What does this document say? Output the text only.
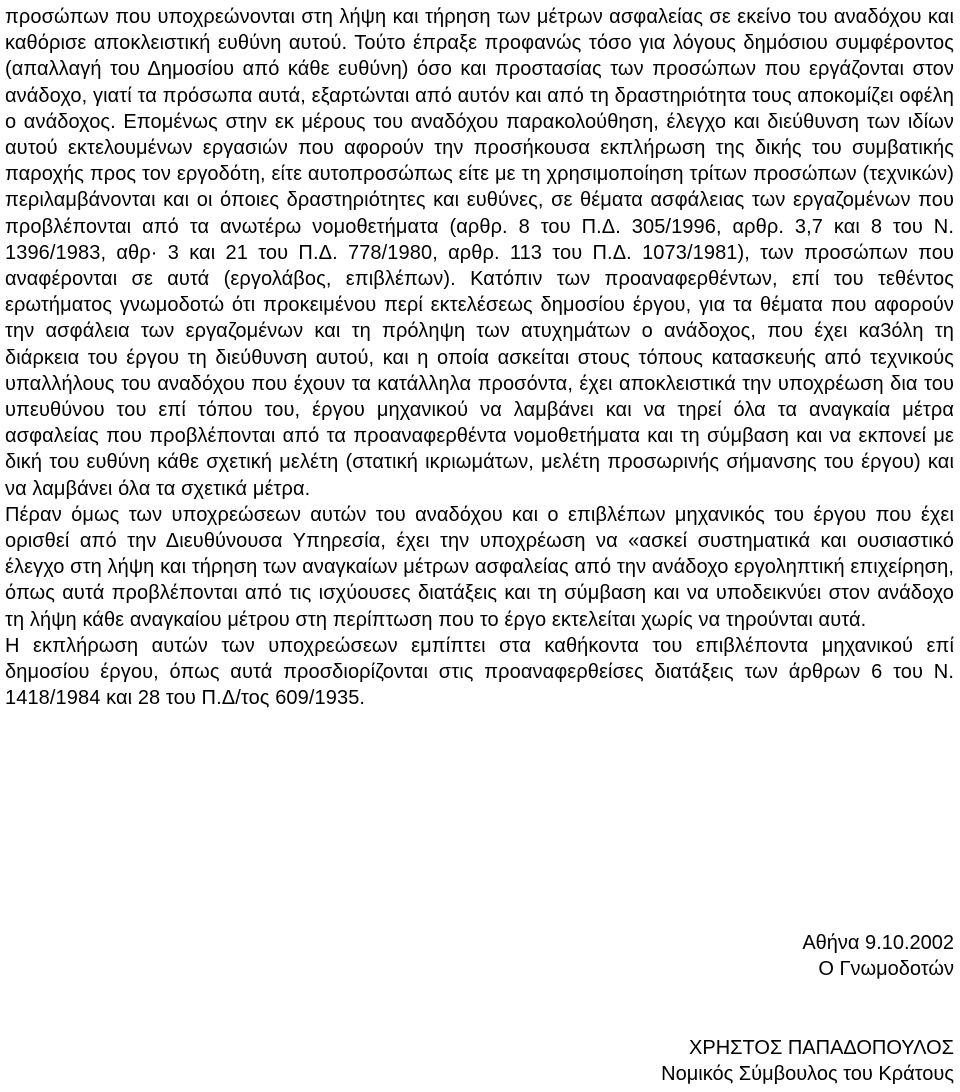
προσώπων που υποχρεώνονται στη λήψη και τήρηση των μέτρων ασφαλείας σε εκείνο του αναδόχου και καθόρισε αποκλειστική ευθύνη αυτού. Τούτο έπραξε προφανώς τόσο για λόγους δημόσιου συμφέροντος (απαλλαγή του Δημοσίου από κάθε ευθύνη) όσο και προστασίας των προσώπων που εργάζονται στον ανάδοχο, γιατί τα πρόσωπα αυτά, εξαρτώνται από αυτόν και από τη δραστηριότητα τους αποκομίζει οφέλη ο ανάδοχος. Επομένως στην εκ μέρους του αναδόχου παρακολούθηση, έλεγχο και διεύθυνση των ιδίων αυτού εκτελουμένων εργασιών που αφορούν την προσήκουσα εκπλήρωση της δικής του συμβατικής παροχής προς τον εργοδότη, είτε αυτοπροσώπως είτε με τη χρησιμοποίηση τρίτων προσώπων (τεχνικών) περιλαμβάνονται και οι όποιες δραστηριότητες και ευθύνες, σε θέματα ασφάλειας των εργαζομένων που προβλέπονται από τα ανωτέρω νομοθετήματα (αρθρ. 8 του Π.Δ. 305/1996, αρθρ. 3,7 και 8 του Ν. 1396/1983, αθρ· 3 και 21 του Π.Δ. 778/1980, αρθρ. 113 του Π.Δ. 1073/1981), των προσώπων που αναφέρονται σε αυτά (εργολάβος, επιβλέπων). Κατόπιν των προαναφερθέντων, επί του τεθέντος ερωτήματος γνωμοδοτώ ότι προκειμένου περί εκτελέσεως δημοσίου έργου, για τα θέματα που αφορούν την ασφάλεια των εργαζομένων και τη πρόληψη των ατυχημάτων ο ανάδοχος, που έχει κα3όλη τη διάρκεια του έργου τη διεύθυνση αυτού, και η οποία ασκείται στους τόπους κατασκευής από τεχνικούς υπαλλήλους του αναδόχου που έχουν τα κατάλληλα προσόντα, έχει αποκλειστικά την υποχρέωση δια του υπευθύνου του επί τόπου του, έργου μηχανικού να λαμβάνει και να τηρεί όλα τα αναγκαία μέτρα ασφαλείας που προβλέπονται από τα προαναφερθέντα νομοθετήματα και τη σύμβαση και να εκπονεί με δική του ευθύνη κάθε σχετική μελέτη (στατική ικριωμάτων, μελέτη προσωρινής σήμανσης του έργου) και να λαμβάνει όλα τα σχετικά μέτρα.

Πέραν όμως των υποχρεώσεων αυτών του αναδόχου και ο επιβλέπων μηχανικός του έργου που έχει ορισθεί από την Διευθύνουσα Υπηρεσία, έχει την υποχρέωση να «ασκεί συστηματικά και ουσιαστικό έλεγχο στη λήψη και τήρηση των αναγκαίων μέτρων ασφαλείας από την ανάδοχο εργοληπτική επιχείρηση, όπως αυτά προβλέπονται από τις ισχύουσες διατάξεις και τη σύμβαση και να υποδεικνύει στον ανάδοχο τη λήψη κάθε αναγκαίου μέτρου στη περίπτωση που το έργο εκτελείται χωρίς να τηρούνται αυτά.

Η εκπλήρωση αυτών των υποχρεώσεων εμπίπτει στα καθήκοντα του επιβλέποντα μηχανικού επί δημοσίου έργου, όπως αυτά προσδιορίζονται στις προαναφερθείσες διατάξεις των άρθρων 6 του Ν. 1418/1984 και 28 του Π.Δ/τος 609/1935.

Αθήνα 9.10.2002
Ο Γνωμοδοτών
ΧΡΗΣΤΟΣ ΠΑΠΑΔΟΠΟΥΛΟΣ
Νομικός Σύμβουλος του Κράτους
